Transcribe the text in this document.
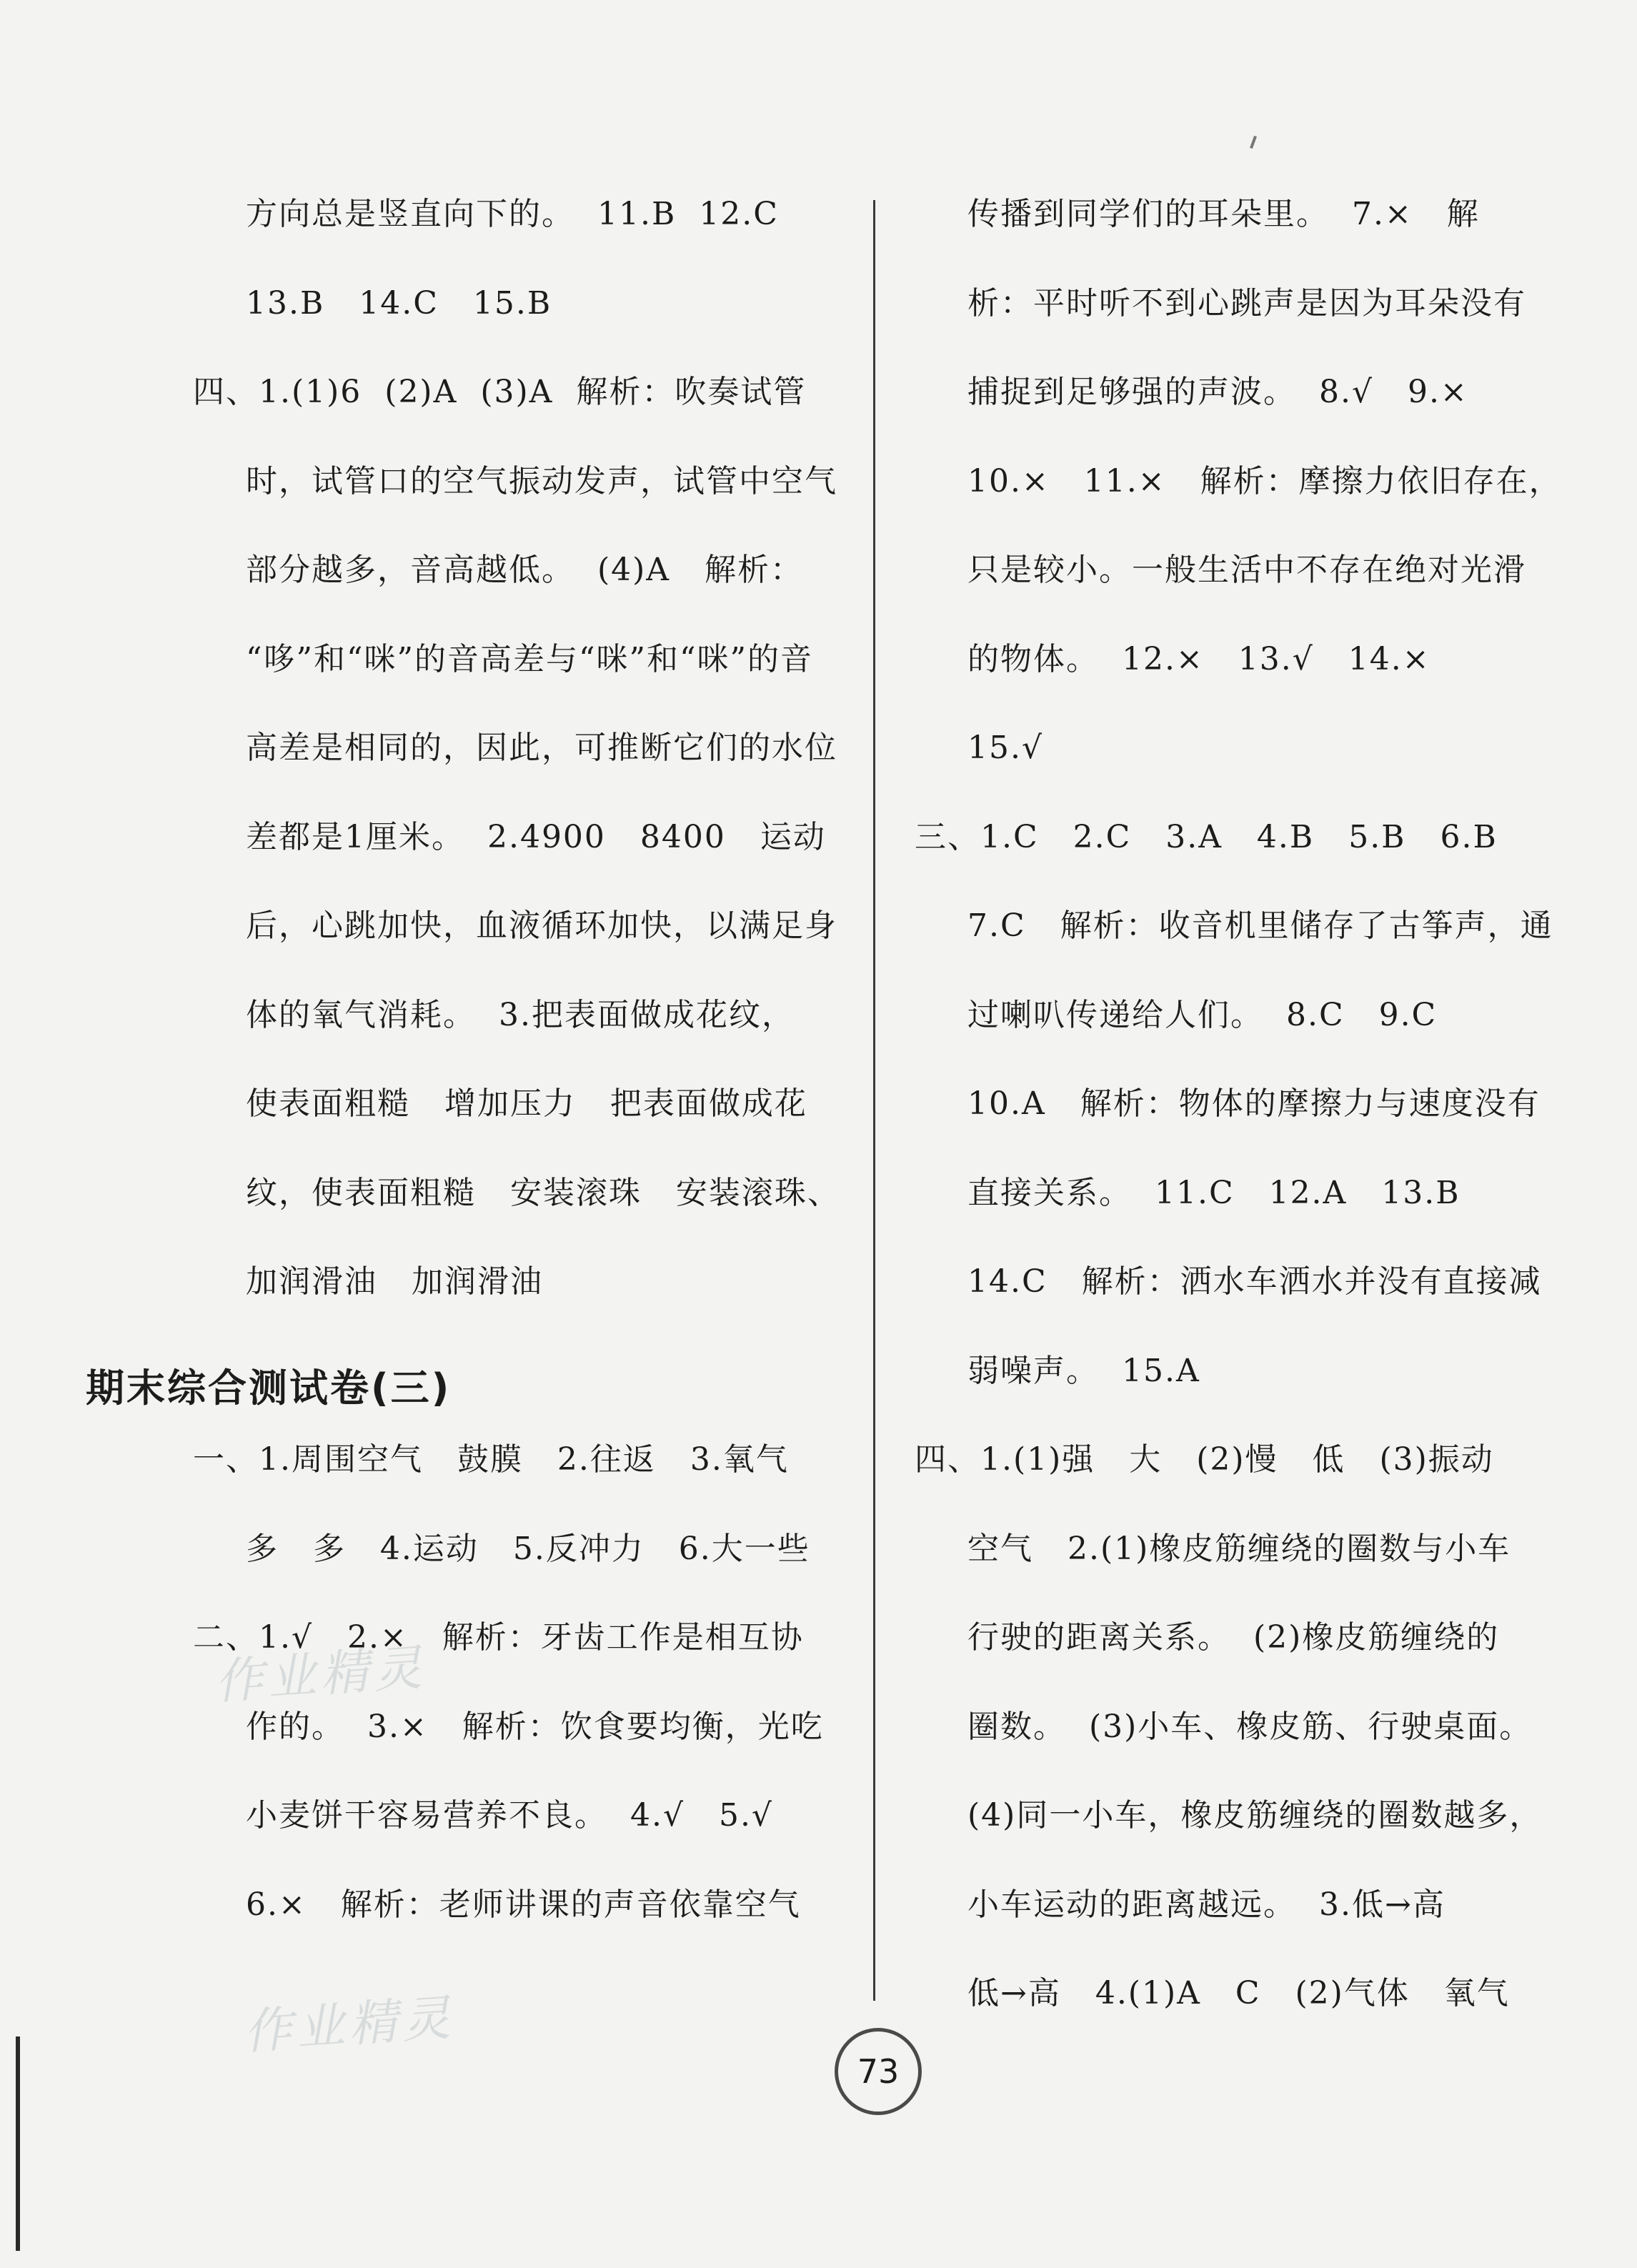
方向总是竖直向下的。  11.B  12.C
13.B   14.C   15.B
四、1.(1)6  (2)A  (3)A  解析：吹奏试管
时，试管口的空气振动发声，试管中空气
部分越多，音高越低。  (4)A   解析：
“哆”和“咪”的音高差与“咪”和“咪”的音
高差是相同的，因此，可推断它们的水位
差都是1厘米。  2.4900   8400   运动
后，心跳加快，血液循环加快，以满足身
体的氧气消耗。  3.把表面做成花纹，
使表面粗糙   增加压力   把表面做成花
纹，使表面粗糙   安装滚珠   安装滚珠、
加润滑油   加润滑油
一、1.周围空气   鼓膜   2.往返   3.氧气
多   多   4.运动   5.反冲力   6.大一些
二、1.√   2.×   解析：牙齿工作是相互协
作的。  3.×   解析：饮食要均衡，光吃
小麦饼干容易营养不良。  4.√   5.√
6.×   解析：老师讲课的声音依靠空气
期末综合测试卷(三)
传播到同学们的耳朵里。  7.×   解
析：平时听不到心跳声是因为耳朵没有
捕捉到足够强的声波。  8.√   9.×
10.×   11.×   解析：摩擦力依旧存在，
只是较小。一般生活中不存在绝对光滑
的物体。  12.×   13.√   14.×
15.√
三、1.C   2.C   3.A   4.B   5.B   6.B
7.C   解析：收音机里储存了古筝声，通
过喇叭传递给人们。  8.C   9.C
10.A   解析：物体的摩擦力与速度没有
直接关系。  11.C   12.A   13.B
14.C   解析：洒水车洒水并没有直接减
弱噪声。  15.A
四、1.(1)强   大   (2)慢   低   (3)振动
空气   2.(1)橡皮筋缠绕的圈数与小车
行驶的距离关系。  (2)橡皮筋缠绕的
圈数。  (3)小车、橡皮筋、行驶桌面。
(4)同一小车，橡皮筋缠绕的圈数越多，
小车运动的距离越远。  3.低→高
低→高   4.(1)A   C   (2)气体   氧气
作业精灵
作业精灵
73
